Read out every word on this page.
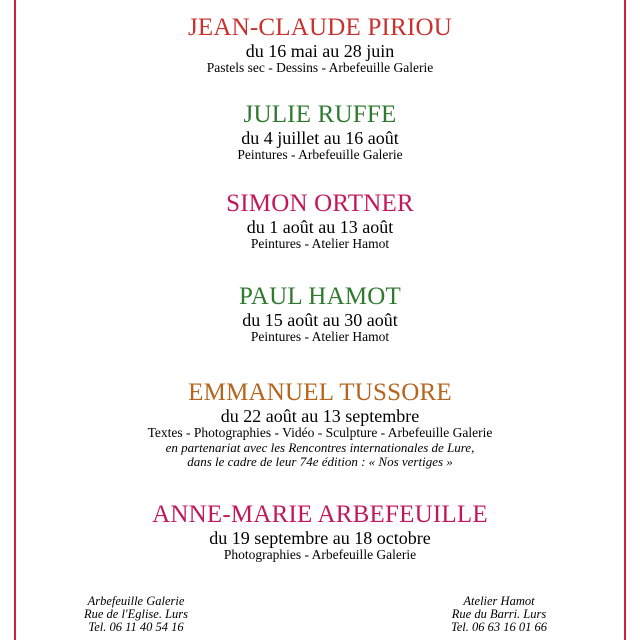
JEAN-CLAUDE PIRIOU
du 16 mai au 28 juin
Pastels sec - Dessins - Arbefeuille Galerie
JULIE RUFFE
du 4 juillet au 16 août
Peintures - Arbefeuille Galerie
SIMON ORTNER
du 1 août au 13 août
Peintures - Atelier Hamot
PAUL HAMOT
du 15 août au 30 août
Peintures - Atelier Hamot
EMMANUEL TUSSORE
du 22 août au 13 septembre
Textes - Photographies - Vidéo - Sculpture - Arbefeuille Galerie
en partenariat avec les Rencontres internationales de Lure,
dans le cadre de leur 74e édition : « Nos vertiges »
ANNE-MARIE ARBEFEUILLE
du 19 septembre au 18 octobre
Photographies - Arbefeuille Galerie
Arbefeuille Galerie
Rue de l'Eglise. Lurs
Tel. 06 11 40 54 16
Atelier Hamot
Rue du Barri. Lurs
Tel. 06 63 16 01 66
